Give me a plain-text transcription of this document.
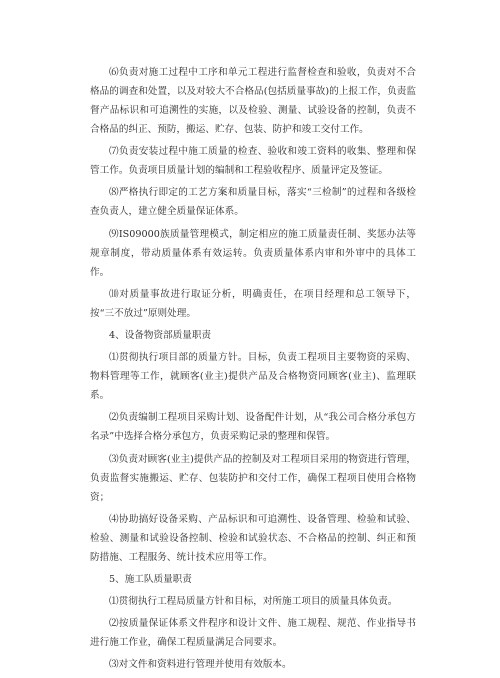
⑹负责对施工过程中工序和单元工程进行监督检查和验收，负责对不合格品的调查和处置，以及对较大不合格品(包括质量事故)的上报工作，负责监督产品标识和可追溯性的实施，以及检验、测量、试验设备的控制，负责不合格品的纠正、预防，搬运、贮存、包装、防护和竣工交付工作。

⑺负责安装过程中施工质量的检查、验收和竣工资料的收集、整理和保管工作。负责项目质量计划的编制和工程验收程序、质量评定及签证。

⑻严格执行即定的工艺方案和质量目标，落实“三检制”的过程和各级检查负责人，建立健全质量保证体系。

⑼IS09000族质量管理模式，制定相应的施工质量责任制、奖惩办法等规章制度，带动质量体系有效运转。负责质量体系内审和外审中的具体工作。

⑽对质量事故进行取证分析，明确责任，在项目经理和总工领导下，按“三不放过”原则处理。

4、设备物资部质量职责

⑴贯彻执行项目部的质量方针。目标，负责工程项目主要物资的采购、物料管理等工作，就顾客(业主)提供产品及合格物资同顾客(业主)、监理联系。

⑵负责编制工程项目采购计划、设备配件计划，从“我公司合格分承包方名录”中选择合格分承包方，负责采购记录的整理和保管。

⑶负责对顾客(业主)提供产品的控制及对工程项目采用的物资进行管理，负责监督实施搬运、贮存、包装防护和交付工作，确保工程项目使用合格物资；

⑷协助搞好设备采购、产品标识和可追溯性、设备管理、检验和试验、检验、测量和试验设备控制、检验和试验状态、不合格品的控制、纠正和预防措施、工程服务、统计技术应用等工作。

5、施工队质量职责

⑴贯彻执行工程局质量方针和目标，对所施工项目的质量具体负责。

⑵按质量保证体系文件程序和设计文件、施工规程、规范、作业指导书进行施工作业，确保工程质量满足合同要求。

⑶对文件和资料进行管理并使用有效版本。
